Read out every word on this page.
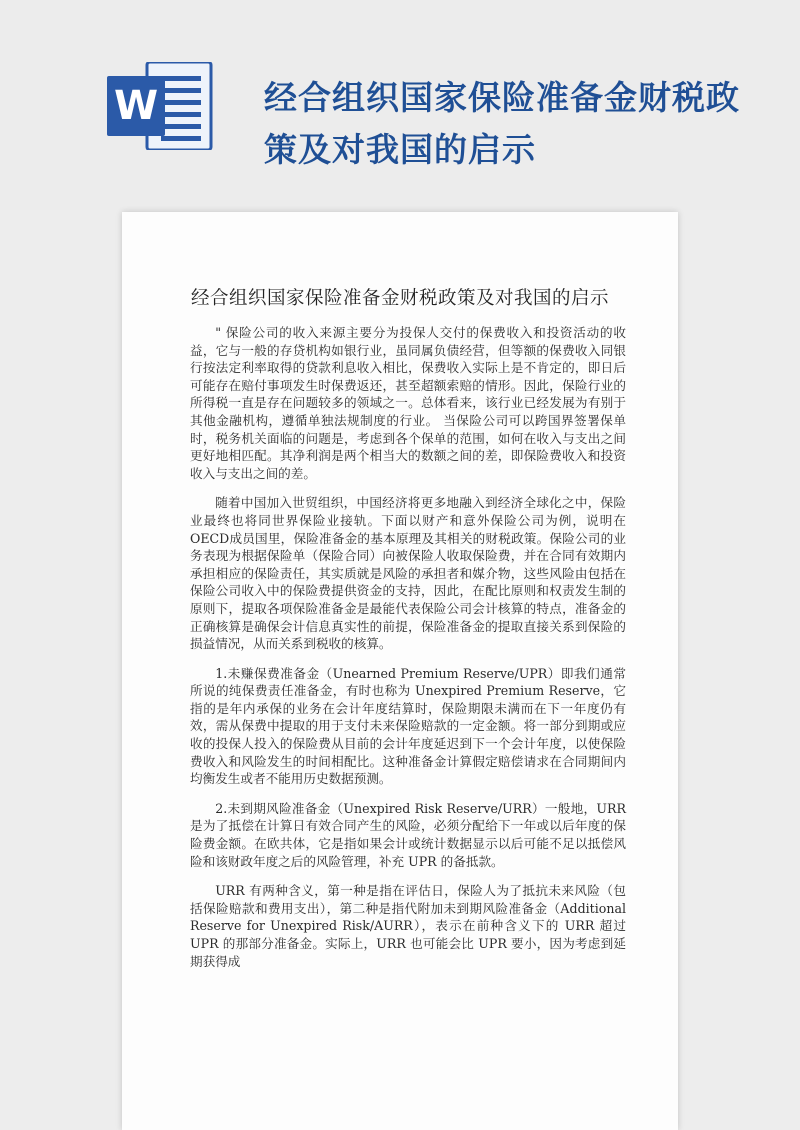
W	经合组织国家保险准备金财税政策及对我国的启示
经合组织国家保险准备金财税政策及对我国的启示

" 保险公司的收入来源主要分为投保人交付的保费收入和投资活动的收益，它与一般的存贷机构如银行业，虽同属负债经营，但等额的保费收入同银行按法定利率取得的贷款利息收入相比，保费收入实际上是不肯定的，即日后可能存在赔付事项发生时保费返还，甚至超额索赔的情形。因此，保险行业的所得税一直是存在问题较多的领域之一。总体看来，该行业已经发展为有别于其他金融机构，遵循单独法规制度的行业。 当保险公司可以跨国界签署保单时，税务机关面临的问题是，考虑到各个保单的范围，如何在收入与支出之间更好地相匹配。其净利润是两个相当大的数额之间的差，即保险费收入和投资收入与支出之间的差。

随着中国加入世贸组织，中国经济将更多地融入到经济全球化之中，保险业最终也将同世界保险业接轨。下面以财产和意外保险公司为例，说明在OECD成员国里，保险准备金的基本原理及其相关的财税政策。保险公司的业务表现为根据保险单（保险合同）向被保险人收取保险费，并在合同有效期内承担相应的保险责任，其实质就是风险的承担者和媒介物，这些风险由包括在保险公司收入中的保险费提供资金的支持，因此，在配比原则和权责发生制的原则下，提取各项保险准备金是最能代表保险公司会计核算的特点，准备金的正确核算是确保会计信息真实性的前提，保险准备金的提取直接关系到保险的损益情况，从而关系到税收的核算。

1.未赚保费准备金（Unearned Premium Reserve/UPR）即我们通常所说的纯保费责任准备金，有时也称为 Unexpired Premium Reserve，它指的是年内承保的业务在会计年度结算时，保险期限未满而在下一年度仍有效，需从保费中提取的用于支付未来保险赔款的一定金额。将一部分到期或应收的投保人投入的保险费从目前的会计年度延迟到下一个会计年度，以使保险费收入和风险发生的时间相配比。这种准备金计算假定赔偿请求在合同期间内均衡发生或者不能用历史数据预测。

2.未到期风险准备金（Unexpired Risk Reserve/URR）一般地，URR 是为了抵偿在计算日有效合同产生的风险，必须分配给下一年或以后年度的保险费金额。在欧共体，它是指如果会计或统计数据显示以后可能不足以抵偿风险和该财政年度之后的风险管理，补充 UPR 的备抵款。

URR 有两种含义，第一种是指在评估日，保险人为了抵抗未来风险（包括保险赔款和费用支出），第二种是指代附加未到期风险准备金（Additional Reserve for Unexpired Risk/AURR），表示在前种含义下的 URR 超过 UPR 的那部分准备金。实际上，URR 也可能会比 UPR 要小，因为考虑到延期获得成
